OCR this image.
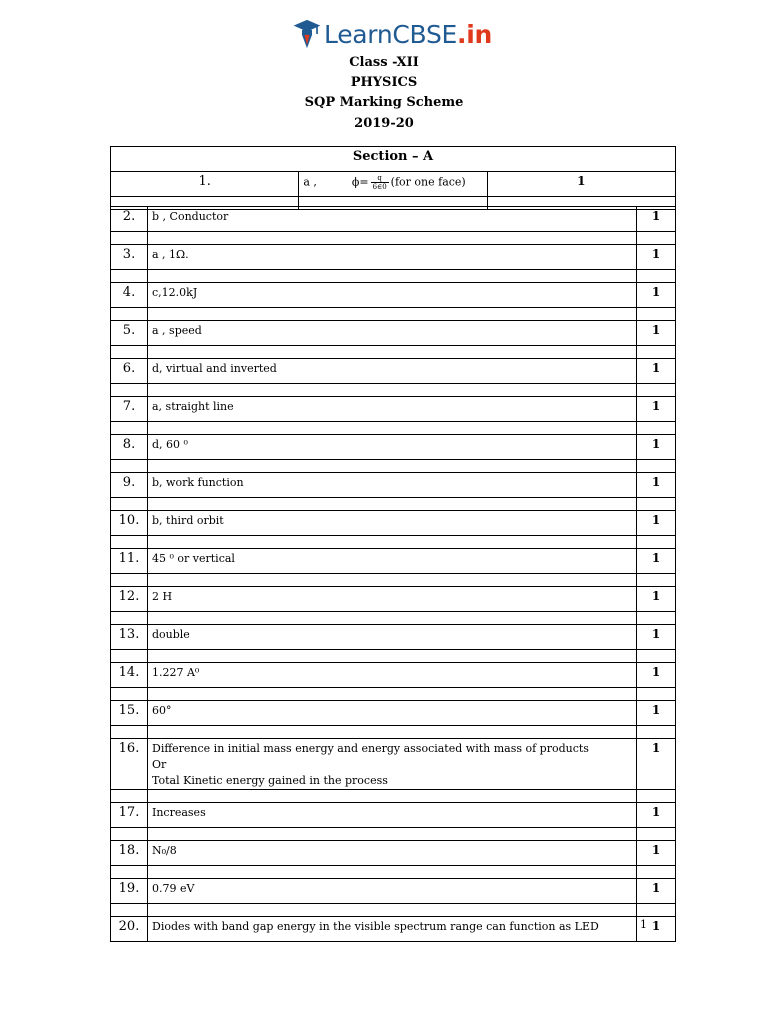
LearnCBSE.in
Class -XII
PHYSICS
SQP Marking Scheme
2019-20
Section – A		
1.	a , $\phi= \frac{q}{6\in 0} (for$ one face)	1

2.	b , Conductor	1

3.	a , 1Ω.	1

4.	c,12.0kJ	1

5.	a , speed	1

6.	d, virtual and inverted	1

7.	a, straight line	1

8.	d, 60 ⁰	1

9.	b, work function	1

10.	b, third orbit	1

11.	45 ⁰ or vertical	1

12.	2 H	1

13.	double	1

14.	1.227 A⁰	1

15.	60°	1

16.	Difference in initial mass energy and energy associated with mass of products
Or
Total Kinetic energy gained in the process	1

17.	Increases	1

18.	N₀/8	1

19.	0.79 eV	1

20.	Diodes with band gap energy in the visible spectrum range can function as LED	1
1
